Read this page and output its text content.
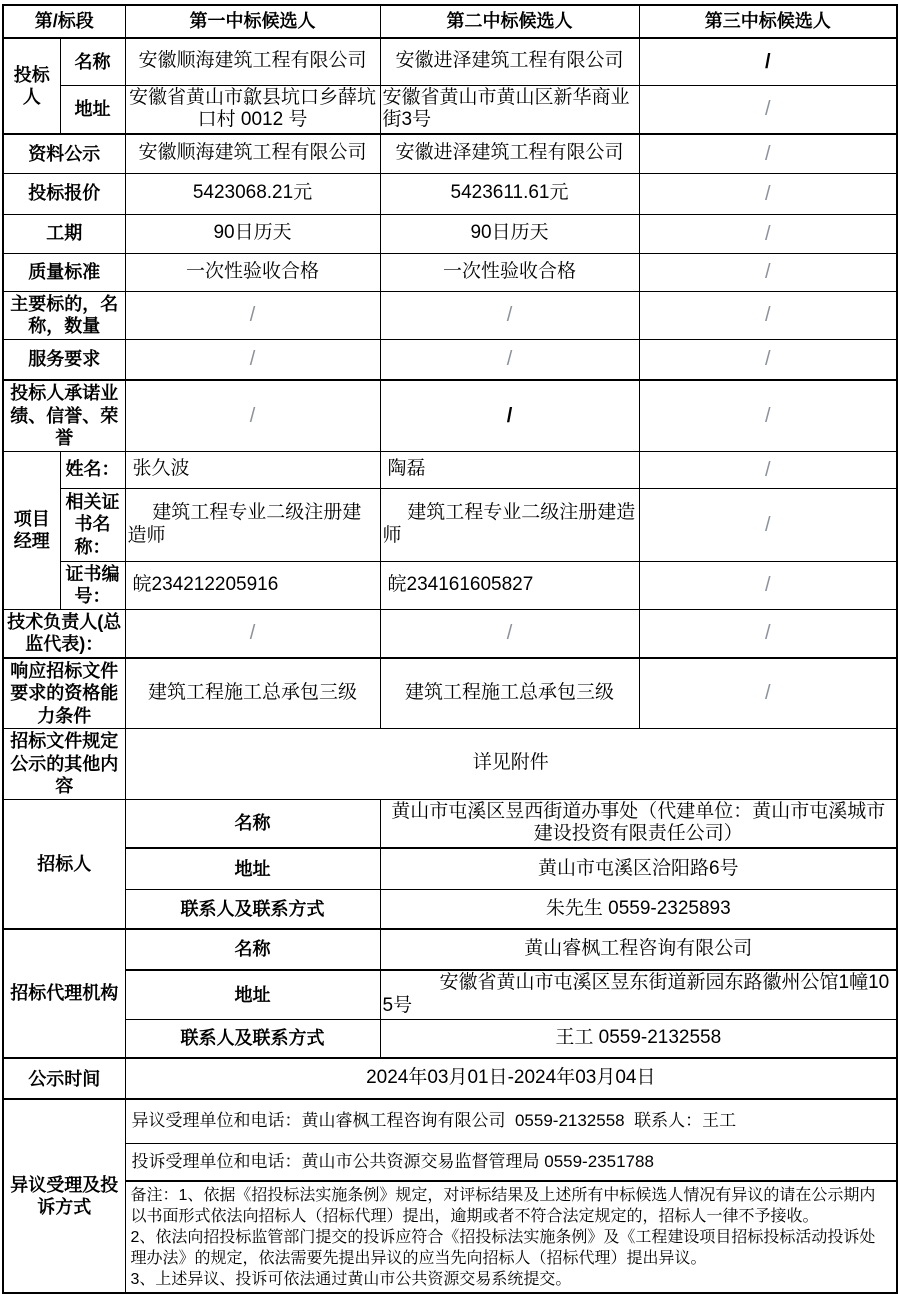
第/标段		第一中标候选人	第二中标候选人	第三中标候选人
投标人	名称	安徽顺海建筑工程有限公司	安徽进泽建筑工程有限公司	/
	地址	安徽省黄山市歙县坑口乡薛坑口村 0012 号	安徽省黄山市黄山区新华商业街3号	/
资料公示		安徽顺海建筑工程有限公司	安徽进泽建筑工程有限公司	/
投标报价		5423068.21元	5423611.61元	/
工期		90日历天	90日历天	/
质量标准		一次性验收合格	一次性验收合格	/
主要标的，名称，数量		/	/	/
服务要求		/	/	/
投标人承诺业绩、信誉、荣誉		/	/	/
项目经理	姓名：	张久波	陶磊	/
	相关证书名称：	建筑工程专业二级注册建造师	建筑工程专业二级注册建造师	/
	证书编号：	皖234212205916	皖234161605827	/
技术负责人(总监代表)：		/	/	/
响应招标文件要求的资格能力条件		建筑工程施工总承包三级	建筑工程施工总承包三级	/
招标文件规定公示的其他内容		详见附件		
招标人		名称	黄山市屯溪区昱西街道办事处（代建单位：黄山市屯溪城市建设投资有限责任公司）	
		地址	黄山市屯溪区洽阳路6号	
		联系人及联系方式	朱先生 0559-2325893	
招标代理机构		名称	黄山睿枫工程咨询有限公司	
		地址	安徽省黄山市屯溪区昱东街道新园东路徽州公馆1幢105号	
		联系人及联系方式	王工 0559-2132558	
公示时间		2024年03月01日-2024年03月04日		
异议受理及投诉方式		异议受理单位和电话：黄山睿枫工程咨询有限公司  0559-2132558  联系人：王工		
		投诉受理单位和电话：黄山市公共资源交易监督管理局 0559-2351788		

		备注：1、依据《招投标法实施条例》规定，对评标结果及上述所有中标候选人情况有异议的请在公示期内以书面形式依法向招标人（招标代理）提出，逾期或者不符合法定规定的，招标人一律不予接收。
2、依法向招投标监管部门提交的投诉应符合《招投标法实施条例》及《工程建设项目招标投标活动投诉处理办法》的规定，依法需要先提出异议的应当先向招标人（招标代理）提出异议。
3、上述异议、投诉可依法通过黄山市公共资源交易系统提交。		
